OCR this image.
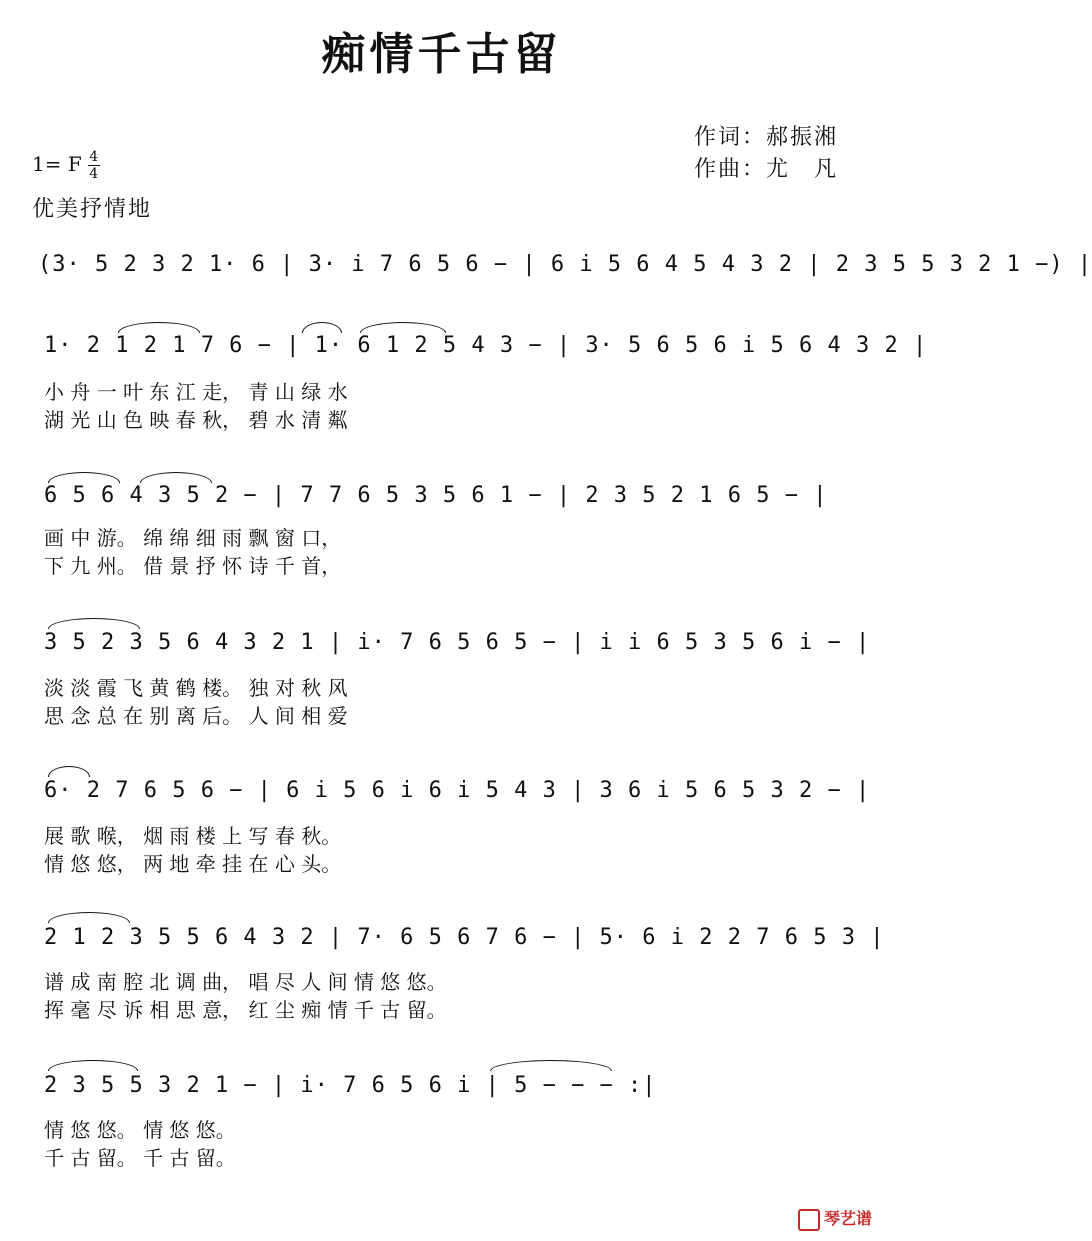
痴情千古留
作词：郝振湘
作曲：尤　凡
1= F $\frac{4}{4}$
优美抒情地
(3· 5 2 3 2 1· 6 | 3· i 7 6 5 6 − | 6 i 5 6 4 5 4 3 2 | 2 3 5 5 3 2 1 −) |
1· 2 1 2 1 7 6 − | 1· 6 1 2 5 4 3 − | 3· 5 6 5 6 i 5 6 4 3 2 |
小 舟 一 叶 东 江 走， 青 山 绿 水
湖 光 山 色 映 春 秋， 碧 水 清 粼
6 5 6 4 3 5 2 − | 7 7 6 5 3 5 6 1 − | 2 3 5 2 1 6 5 − |
画 中 游。 绵 绵 细 雨 飘 窗 口，
下 九 州。 借 景 抒 怀 诗 千 首，
3 5 2 3 5 6 4 3 2 1 | i· 7 6 5 6 5 − | i i 6 5 3 5 6 i − |
淡 淡 霞 飞 黄 鹤 楼。 独 对 秋 风
思 念 总 在 别 离 后。 人 间 相 爱
6· 2 7 6 5 6 − | 6 i 5 6 i 6 i 5 4 3 | 3 6 i 5 6 5 3 2 − |
展 歌 喉， 烟 雨 楼 上 写 春 秋。
情 悠 悠， 两 地 牵 挂 在 心 头。
2 1 2 3 5 5 6 4 3 2 | 7· 6 5 6 7 6 − | 5· 6 i 2 2 7 6 5 3 |
谱 成 南 腔 北 调 曲， 唱 尽 人 间 情 悠 悠。
挥 毫 尽 诉 相 思 意， 红 尘 痴 情 千 古 留。
2 3 5 5 3 2 1 − | i· 7 6 5 6 i | 5 − − − :|
情 悠 悠。 情 悠 悠。
千 古 留。 千 古 留。
琴艺谱
